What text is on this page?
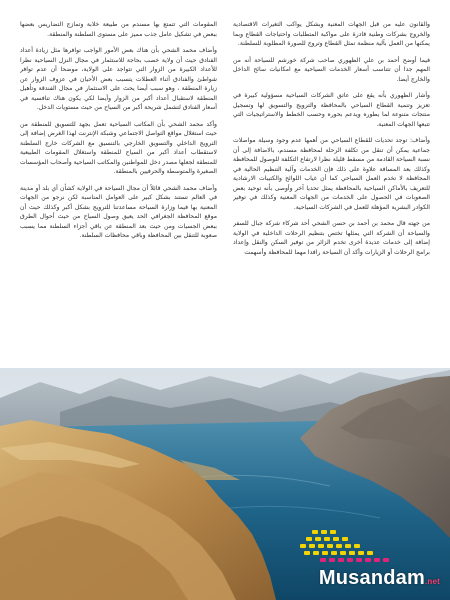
والقانون عليه من قبل الجهات المعنية وبشكل يواكب التغيرات الاقتصادية والخروج بشركات وطنية قادرة على مواكبة المتطلبات واحتياجات القطاع وبما يمكنها من العمل بآلية منظمة تمثل القطاع وتروج للصورة المطلوبة للسلطنة.

فيما أوضح أحمد بن علي الظهوري صاحب شركة خورشم للسياحة أنه من المهم جدا أن تتناسب أسعار الخدمات السياحية مع امكانيات سائح الداخل والخارج أيضا.

وأشار الظهوري بأنه يقع على عاتق الشركات السياحية مسؤولية كبيرة في تعزيز وتنمية القطاع السياحي بالمحافظة والترويج والتسويق لها وتسجيل منتجات متنوعة لما يطوره ويدعم بحوره وحسب الخطط والاستراتيجيات التي تتبعها الجهات المعنية.

وأضاف: توجد تحديات للقطاع السياحي من أهمها عدم وجود وسيلة مواصلات جماعية يمكن أن تنقل من تكلفة الرحلة لمحافظة مسندم، بالاضافة إلى أن نسبة السياحة القادمة من مسقط قليلة نظرا لارتفاع التكلفة للوصول للمحافظة وكذلك بعد المسافة علاوة على ذلك فإن الخدمات وآلية التنظيم الحالية في المحافظة لا تخدم العمل السياحي كما أن غياب اللوائح والكتيبات الارشادية للتعريف بالأماكن السياحية بالمحافظة يمثل تحديا آخر وأوصى بأنه توحيد بعض الصعوبات في الحصول على الخدمات من الجهات المعنية وكذلك في توفير الكوادر البشرية المؤهلة للعمل في الشركات السياحية.

من جهته قال محمد بن أحمد بن حسن الشحي أحد شركاء شركة جبال للسفر والسياحة أن الشركة التي يمثلها تختص بتنظيم الرحلات الداخلية في الولاية إضافة إلى خدمات عديدة أخرى تخدم الزائر من توفير السكن والنقل وإعداد برامج الرحلات أو الزيارات وأكد أن السياحة رافدا مهما للمحافظة وأسهمت

المقومات التي تتمتع بها مسندم من طبيعة خلابة وتمازج التضاريس بعضها ببعض في تشكيل عامل جذب مميز على مستوى السلطنة والمنطقة.

وأضاف محمد الشحي بأن هناك بعض الأمور الواجب توافرها مثل زيادة أعداد الفنادق حيث أن ولاية خصب بحاجة للاستثمار في مجال النزل السياحية نظرا للأعداد الكبيرة من الزوار التي تتواجد على الولاية، موضحا أن عدم توافر شواطئ والفنادق أثناء العطلات يتسبب بعض الأحيان في عزوف الزوار عن زيارة المنطقة ، وهو سبب أيضا يحث على الاستثمار في مجال الفندقة وتأهيل المنطقة لاستقبال أعداد أكبر من الزوار وأيضا لكي يكون هناك تنافسية في أسعار الفنادق لتشمل شريحة أكبر من السياح من حيث مستويات الدخل.

وأكد محمد الشحي بأن المكاتب السياحية تعمل بجهد للتسويق للمنطقة من حيث استغلال مواقع التواصل الاجتماعي وشبكة الإنترنت لهذا الغرض إضافة إلى الترويج الداخلي والتسويق الخارجي بالتنسيق مع الشركات خارج السلطنة لاستقطاب أعداد أكبر من السياح للمنطقة واستغلال المقومات الطبيعية للمنطقة لجعلها مصدر دخل للمواطنين والمكاتب السياحية وأصحاب المؤسسات الصغيرة والمتوسطة والحرفيين بالمنطقة.

وأضاف محمد الشحي قائلاً أن مجال السياحة في الولاية كشأن أي بلد أو مدينة في العالم تستند بشكل كبير على العوامل المناسبة لكن نرجو من الجهات المعنية بها فيما وزارة السياحة مساعدتنا للترويج بشكل أكبر وكذلك حيث أن موقع المحافظة الجغرافي الحد يعيق وصول السياح من حيث أحوال الطرق ببعض الجسيات ومن حيث بعد المنطقة عن باقي أجزاء السلطنة مما يسبب صعوبة للتنقل بين المحافظة وباقي محافظات السلطنة.

Musandam.net
